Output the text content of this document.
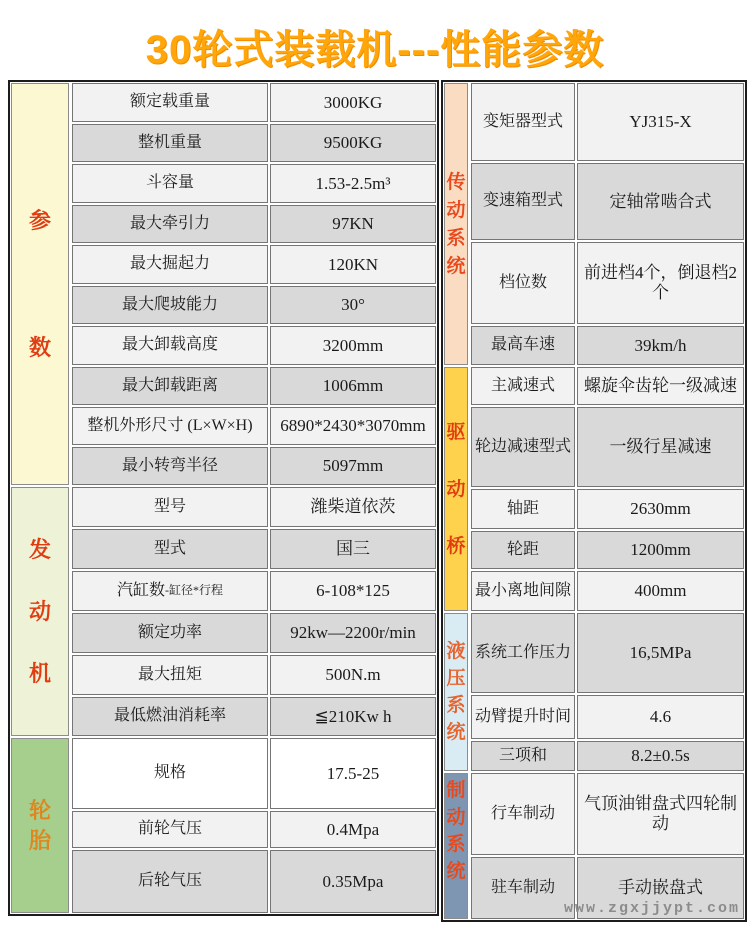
30轮式装载机---性能参数
参
数
额定载重量	3000KG
整机重量	9500KG
斗容量	1.53-2.5m³
最大牵引力	97KN
最大掘起力	120KN
最大爬坡能力	30°
最大卸载高度	3200mm
最大卸载距离	1006mm
整机外形尺寸 (L×W×H) 6890*2430*3070mm
最小转弯半径	5097mm
发
动
机
型号	潍柴道依茨
型式	国三
汽缸数 -缸径*行程	6-108*125
额定功率	92kw—2200r/min
最大扭矩	500N.m
最低燃油消耗率	≦210Kw h
轮
胎
规格	17.5-25
前轮气压	0.4Mpa
后轮气压	0.35Mpa
传
动
系
统
变矩器型式	YJ315-X
变速箱型式	定轴常啮合式
档位数	前进档4个，倒退档2个
最高车速	39km/h
驱
动
桥
主减速式 螺旋伞齿轮一级减速
轮边减速型式 一级行星减速
轴距	2630mm
轮距	1200mm
最小离地间隙	400mm
液
压
系
统
系统工作压力	16,5MPa
动臂提升时间	4.6
三项和	8.2±0.5s
制
动
系
统
行车制动	气顶油钳盘式四轮制动
驻车制动	手动嵌盘式
www.zgxjjypt.com
